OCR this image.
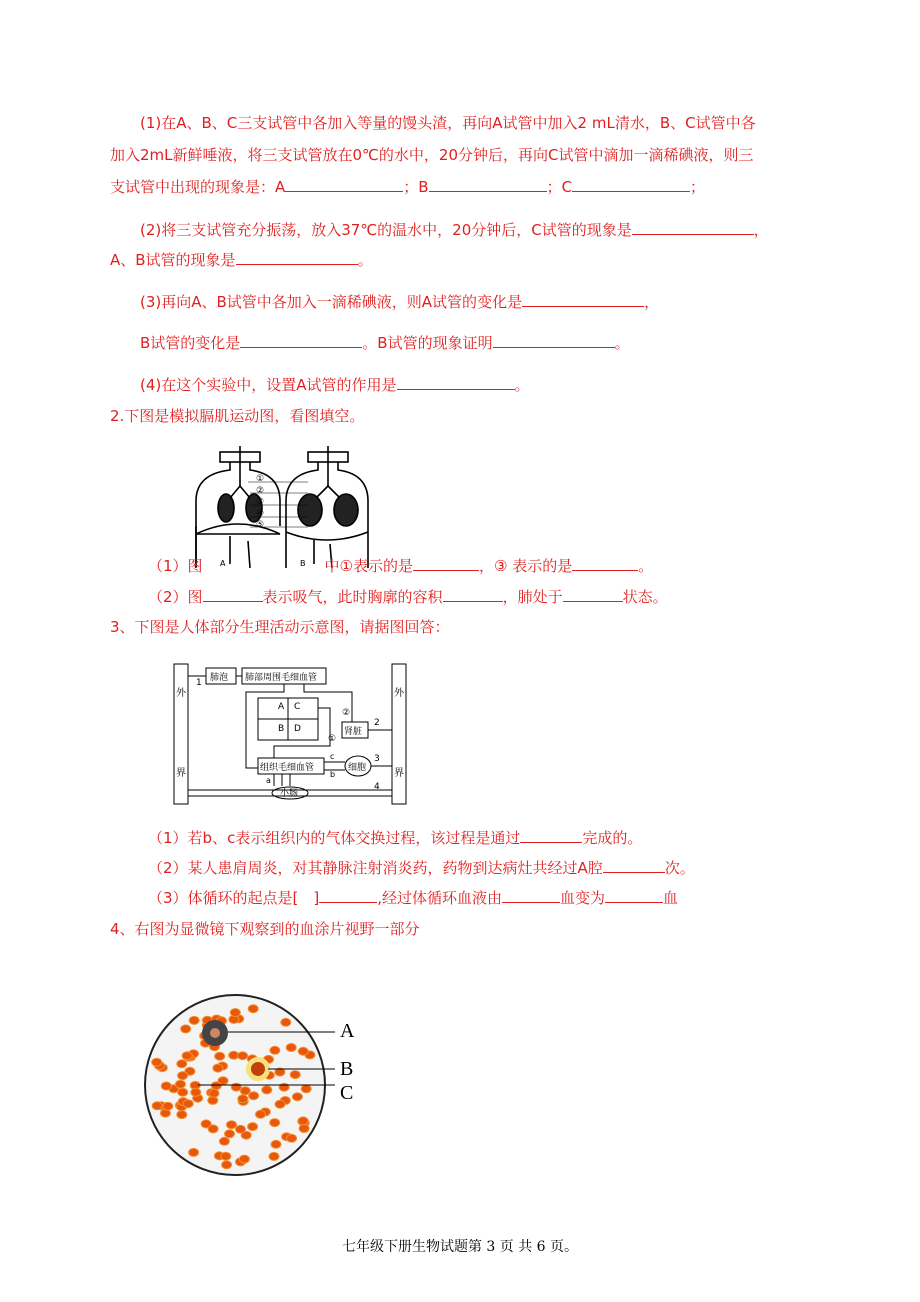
(1)在A、B、C三支试管中各加入等量的馒头渣，再向A试管中加入2 mL清水，B、C试管中各
加入2mL新鲜唾液，将三支试管放在0℃的水中，20分钟后，再向C试管中滴加一滴稀碘液，则三
支试管中出现的现象是：A	；B	；C	；
(2)将三支试管充分振荡，放入37℃的温水中，20分钟后，C试管的现象是	，
A、B试管的现象是	。
(3)再向A、B试管中各加入一滴稀碘液，则A试管的变化是	，
B试管的变化是	。B试管的现象证明	。
(4)在这个实验中，设置A试管的作用是	。
2.下图是模拟膈肌运动图，看图填空。
A	B
①
②
③
④
⑤
（1）图	中①表示的是	，③ 表示的是	。
（2）图	表示吸气，此时胸廓的容积	，肺处于	状态。
3、下图是人体部分生理活动示意图，请据图回答：
外
界
外
界
肺泡 肺部周围毛细血管
A C
B D	肾脏
组织毛细血管	细胞
小肠
1
2
3
4
①
②
a
b
c
（1）若b、c表示组织内的气体交换过程，该过程是通过	完成的。
（2）某人患肩周炎，对其静脉注射消炎药，药物到达病灶共经过A腔	次。
（3）体循环的起点是[　]	,经过体循环血液由	血变为	血
4、右图为显微镜下观察到的血涂片视野一部分
A
B
C
七年级下册生物试题第 3 页 共 6 页。
